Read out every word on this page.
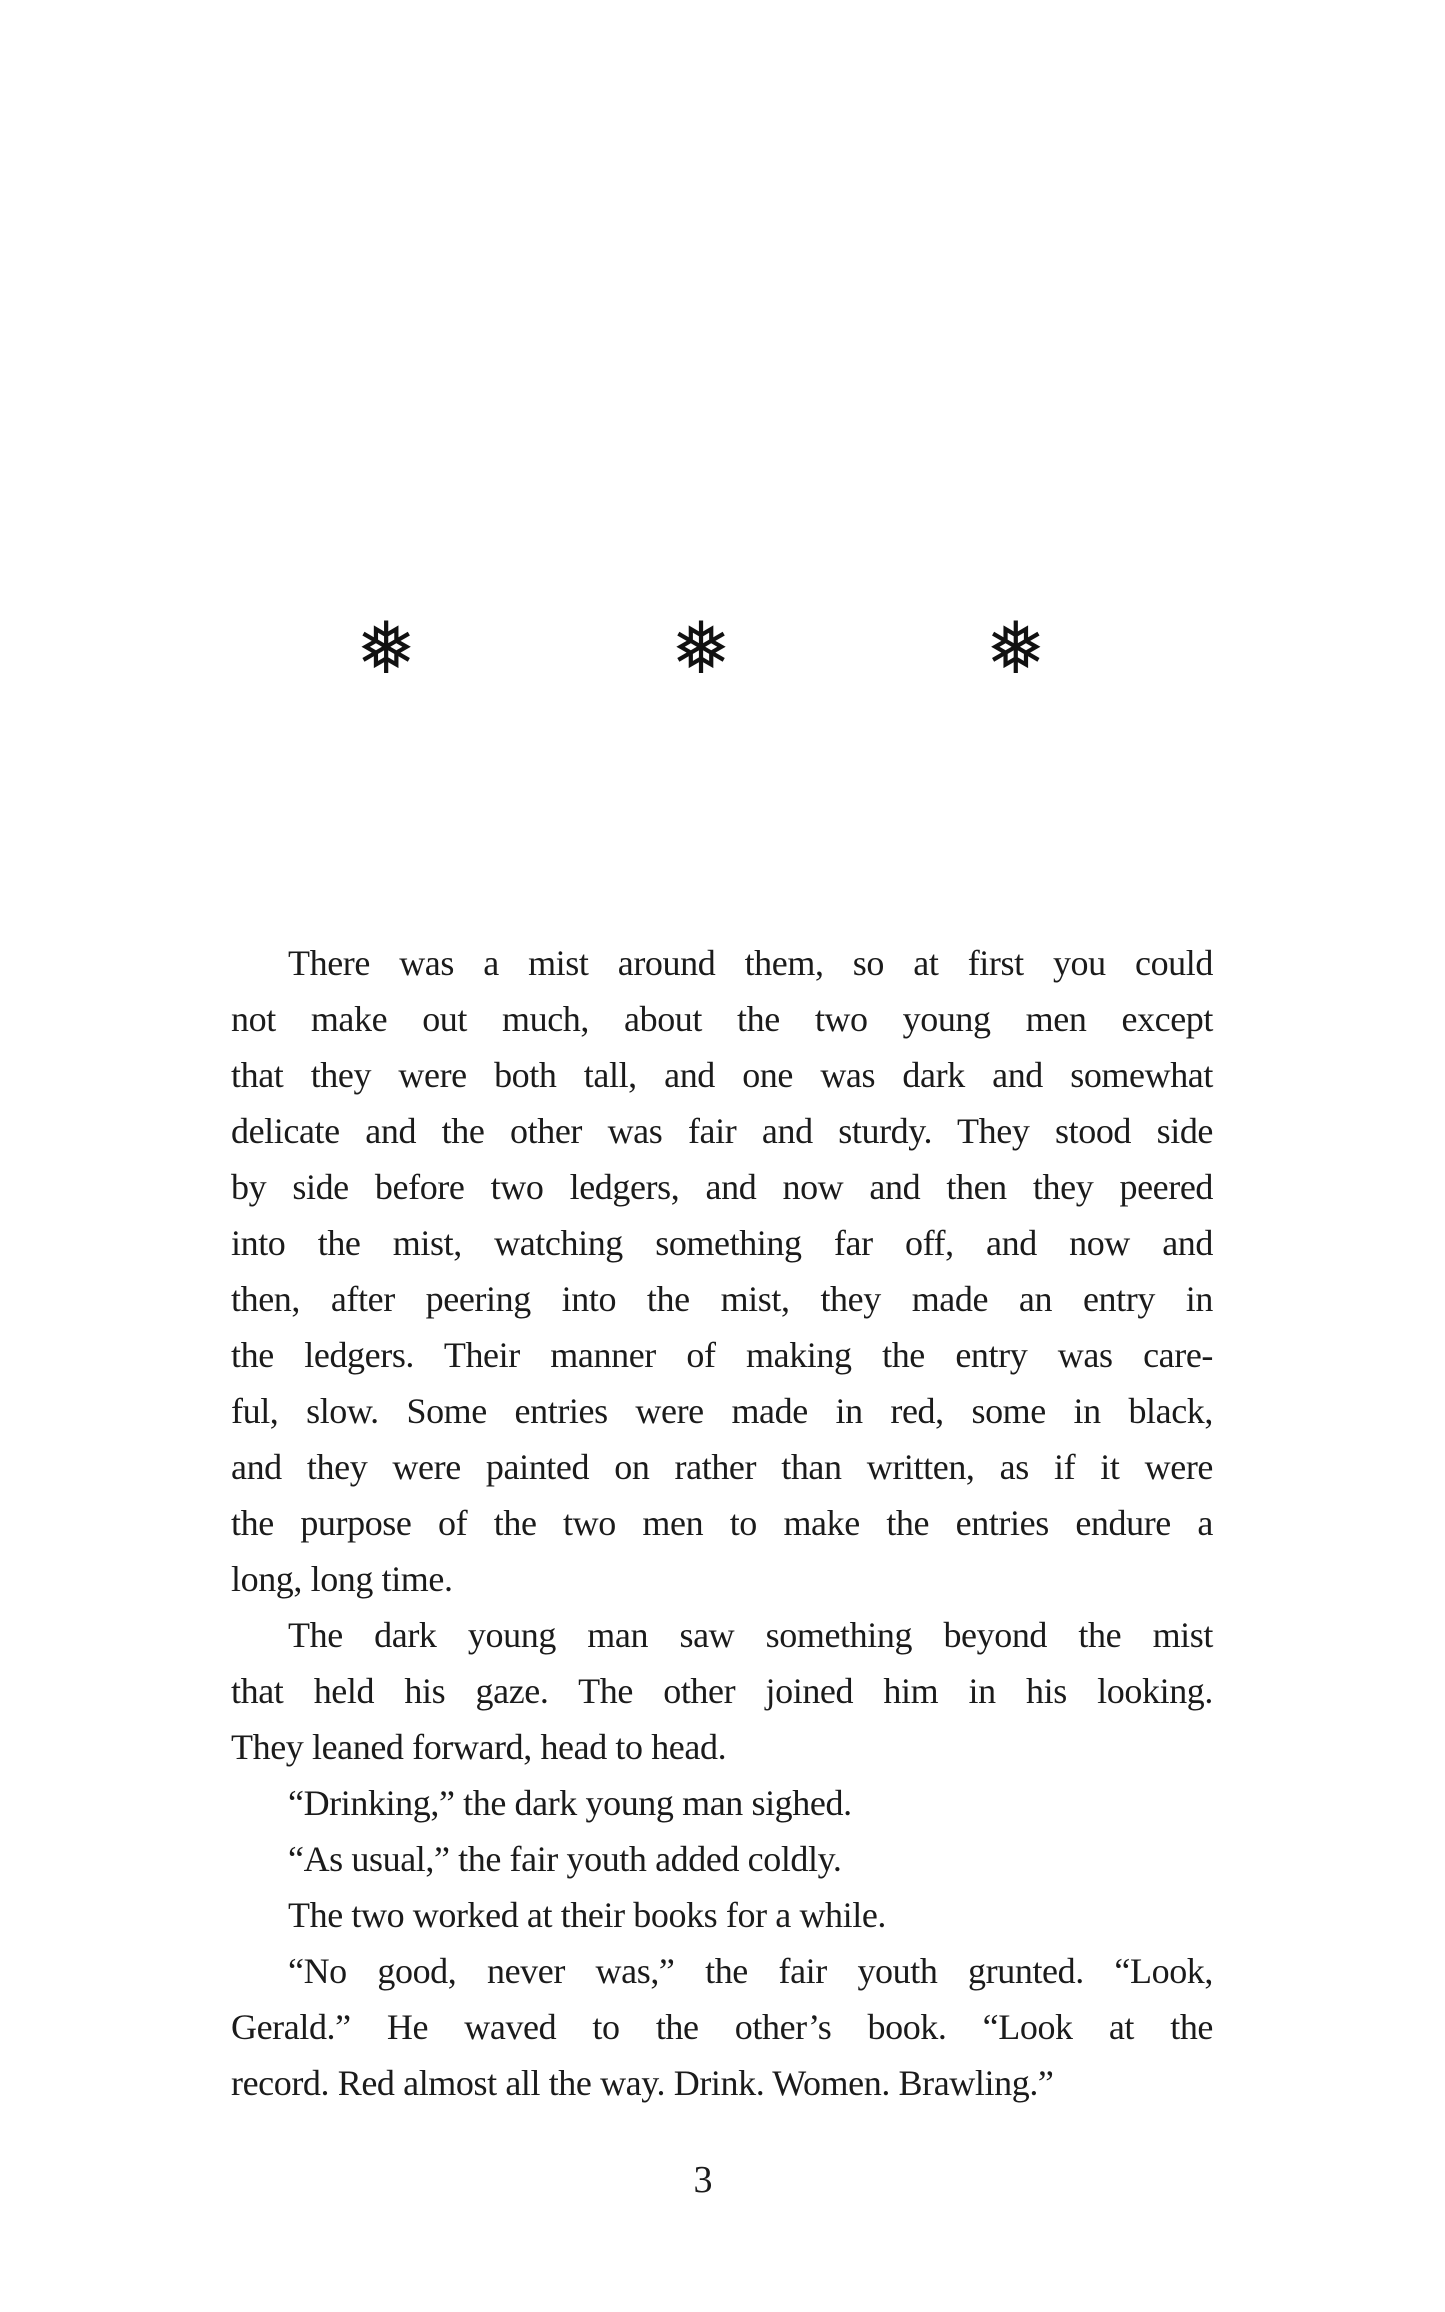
❅	❅	❅
There was a mist around them, so at first you could
not make out much, about the two young men except
that they were both tall, and one was dark and somewhat
delicate and the other was fair and sturdy. They stood side
by side before two ledgers, and now and then they peered
into the mist, watching something far off, and now and
then, after peering into the mist, they made an entry in
the ledgers. Their manner of making the entry was care-
ful, slow. Some entries were made in red, some in black,
and they were painted on rather than written, as if it were
the purpose of the two men to make the entries endure a
long, long time.
The dark young man saw something beyond the mist
that held his gaze. The other joined him in his looking.
They leaned forward, head to head.
“Drinking,” the dark young man sighed.
“As usual,” the fair youth added coldly.
The two worked at their books for a while.
“No good, never was,” the fair youth grunted. “Look,
Gerald.” He waved to the other’s book. “Look at the
record. Red almost all the way. Drink. Women. Brawling.”
3
